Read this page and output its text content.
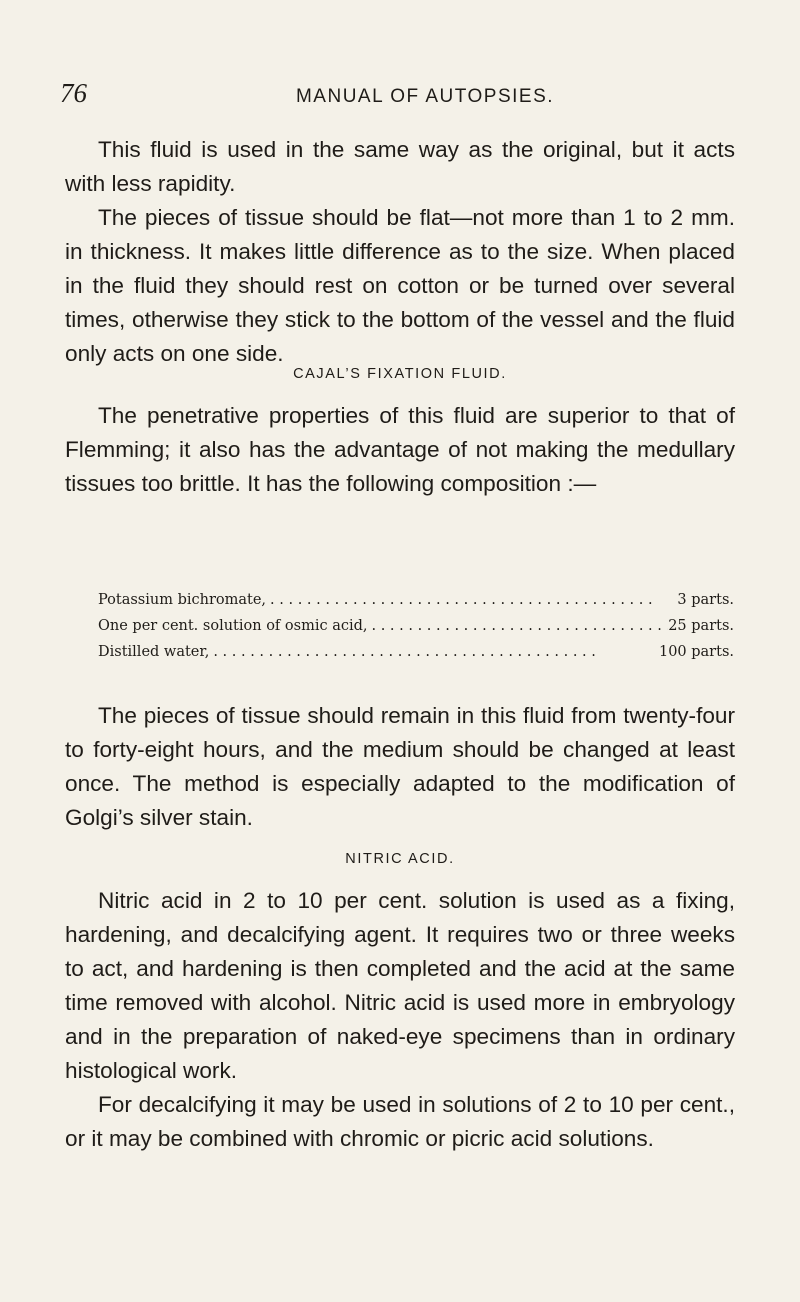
76	MANUAL OF AUTOPSIES.

This fluid is used in the same way as the original, but it acts with less rapidity.

The pieces of tissue should be flat—not more than 1 to 2 mm. in thickness. It makes little difference as to the size. When placed in the fluid they should rest on cotton or be turned over several times, otherwise they stick to the bottom of the vessel and the fluid only acts on one side.

CAJAL’S FIXATION FLUID.

The penetrative properties of this fluid are superior to that of Flemming; it also has the advantage of not making the medullary tissues too brittle. It has the following composition :—

Potassium bichromate, . . .	3 parts.
One per cent. solution of osmic acid, . . .	25 parts.
Distilled water, . . .	100 parts.

The pieces of tissue should remain in this fluid from twenty-four to forty-eight hours, and the medium should be changed at least once. The method is especially adapted to the modification of Golgi’s silver stain.

NITRIC ACID.

Nitric acid in 2 to 10 per cent. solution is used as a fixing, hardening, and decalcifying agent. It requires two or three weeks to act, and hardening is then completed and the acid at the same time removed with alcohol. Nitric acid is used more in embryology and in the preparation of naked-eye specimens than in ordinary histological work.

For decalcifying it may be used in solutions of 2 to 10 per cent., or it may be combined with chromic or picric acid solutions.
